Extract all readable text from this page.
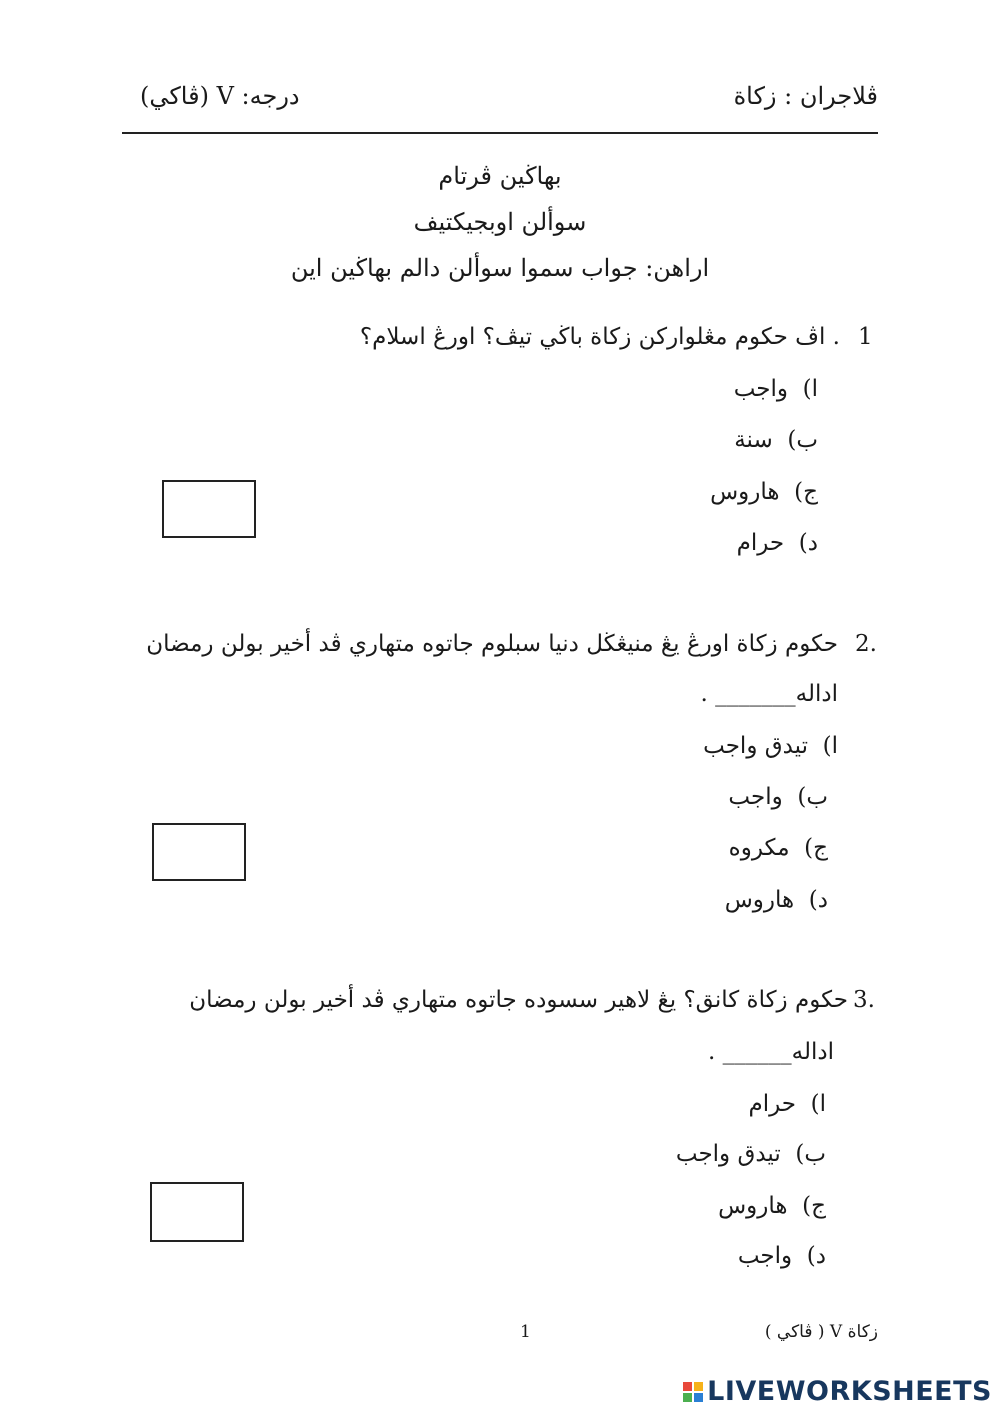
ڤلاجران : زكاة
درجه: V (ڤاكي)
بهاڬين ڤرتام
سوألن اوبجيكتيف
اراهن: جواب سموا سوألن دالم بهاڬين اين
1
. اڤ حكوم مڠلواركن زكاة باڬي تيڤ؟ اورڠ اسلام؟
ا)  واجب
ب)  سنة
ج)  هاروس
د)  حرام
2.
حكوم زكاة اورڠ يڠ منيڠڬل دنيا سبلوم جاتوه متهاري ڤد أخير بولن رمضان
اداله_______ .
ا)  تيدق واجب
ب)  واجب
ج)  مكروه
د)  هاروس
3.
حكوم زكاة كانق؟ يڠ لاهير سسوده جاتوه متهاري ڤد أخير بولن رمضان
اداله______ .
ا)  حرام
ب)  تيدق واجب
ج)  هاروس
د)  واجب
1	زكاة V ( ڤاكي )
LIVEWORKSHEETS
